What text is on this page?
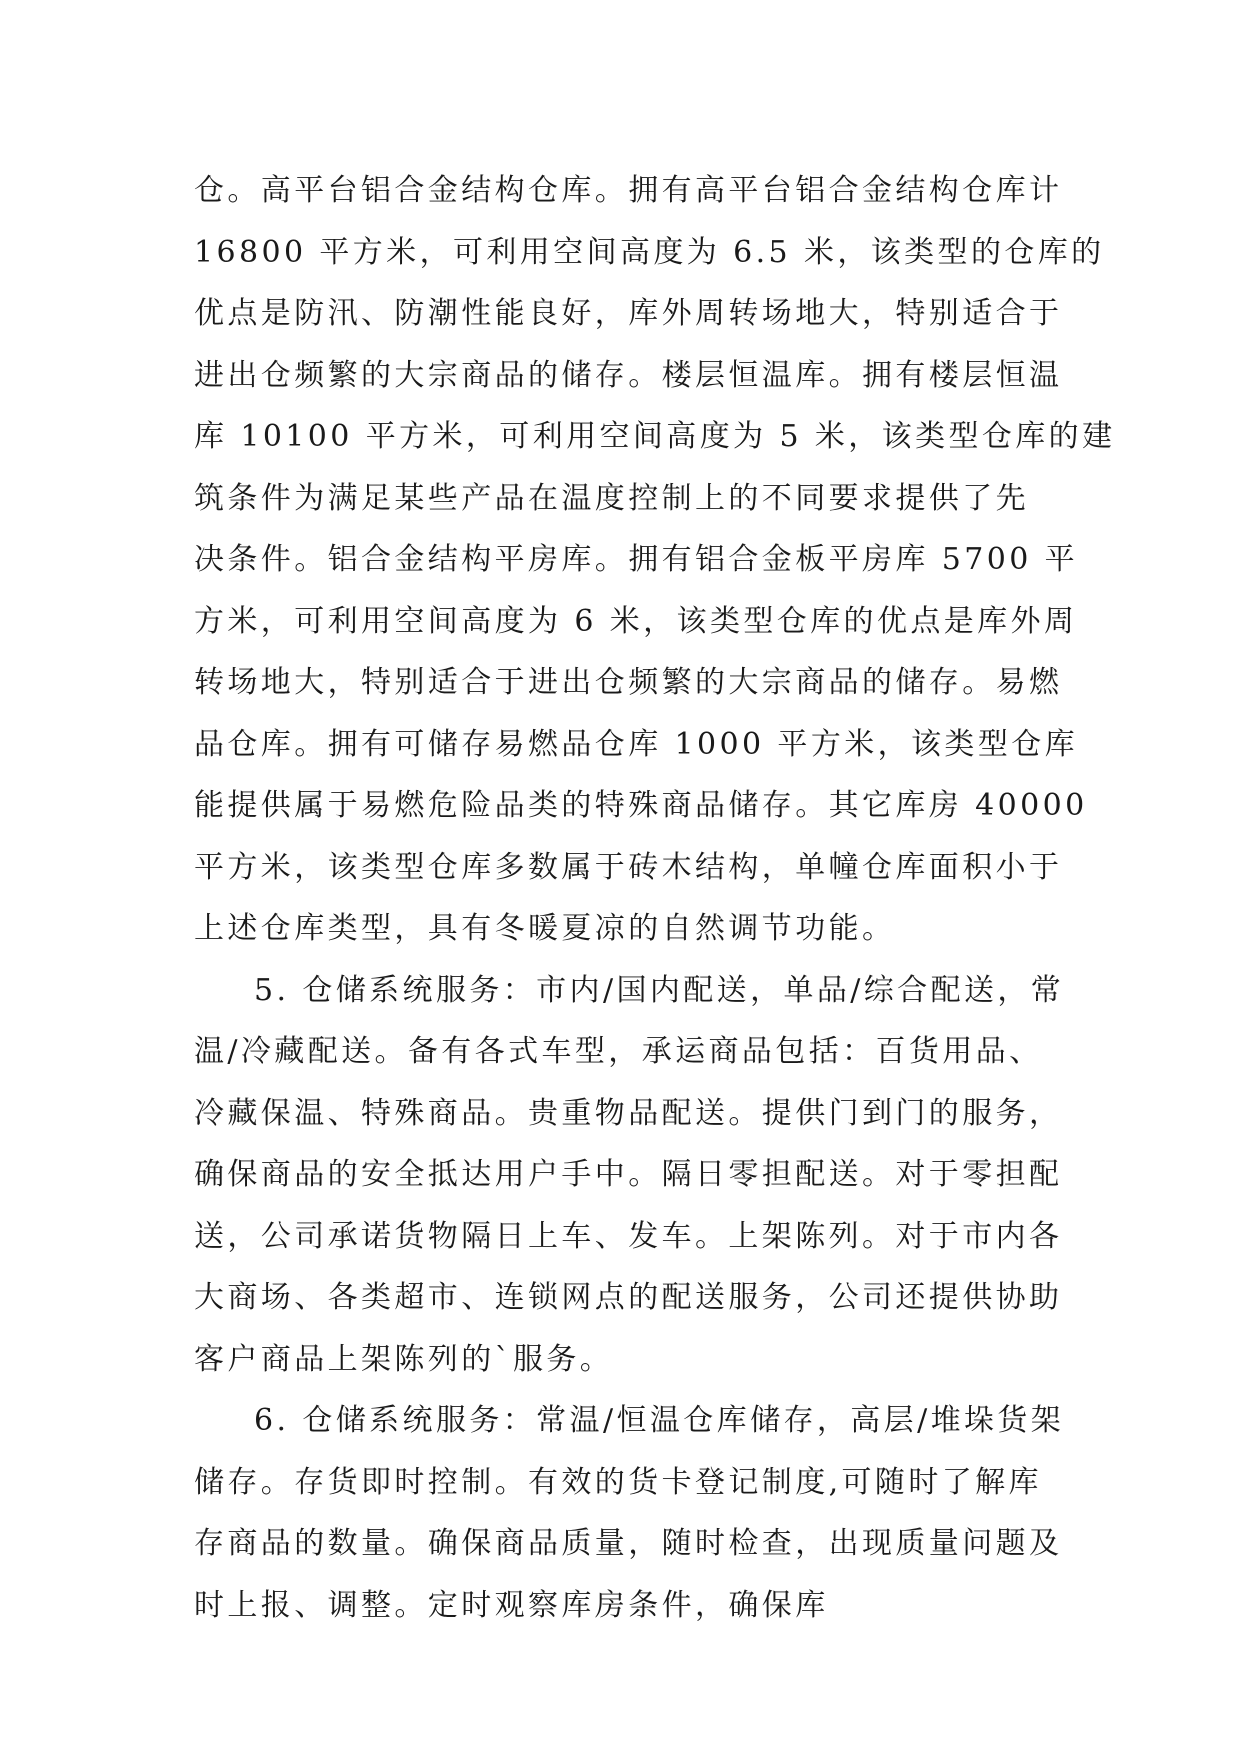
仓。高平台铝合金结构仓库。拥有高平台铝合金结构仓库计
16800 平方米，可利用空间高度为 6.5 米，该类型的仓库的
优点是防汛、防潮性能良好，库外周转场地大，特别适合于
进出仓频繁的大宗商品的储存。楼层恒温库。拥有楼层恒温
库 10100 平方米，可利用空间高度为 5 米，该类型仓库的建
筑条件为满足某些产品在温度控制上的不同要求提供了先
决条件。铝合金结构平房库。拥有铝合金板平房库 5700 平
方米，可利用空间高度为 6 米，该类型仓库的优点是库外周
转场地大，特别适合于进出仓频繁的大宗商品的储存。易燃
品仓库。拥有可储存易燃品仓库 1000 平方米，该类型仓库
能提供属于易燃危险品类的特殊商品储存。其它库房 40000
平方米，该类型仓库多数属于砖木结构，单幢仓库面积小于
上述仓库类型，具有冬暖夏凉的自然调节功能。
5. 仓储系统服务：市内/国内配送，单品/综合配送，常
温/冷藏配送。备有各式车型，承运商品包括：百货用品、
冷藏保温、特殊商品。贵重物品配送。提供门到门的服务，
确保商品的安全抵达用户手中。隔日零担配送。对于零担配
送，公司承诺货物隔日上车、发车。上架陈列。对于市内各
大商场、各类超市、连锁网点的配送服务，公司还提供协助
客户商品上架陈列的`服务。
6. 仓储系统服务：常温/恒温仓库储存，高层/堆垛货架
储存。存货即时控制。有效的货卡登记制度,可随时了解库
存商品的数量。确保商品质量，随时检查，出现质量问题及
时上报、调整。定时观察库房条件，确保库
